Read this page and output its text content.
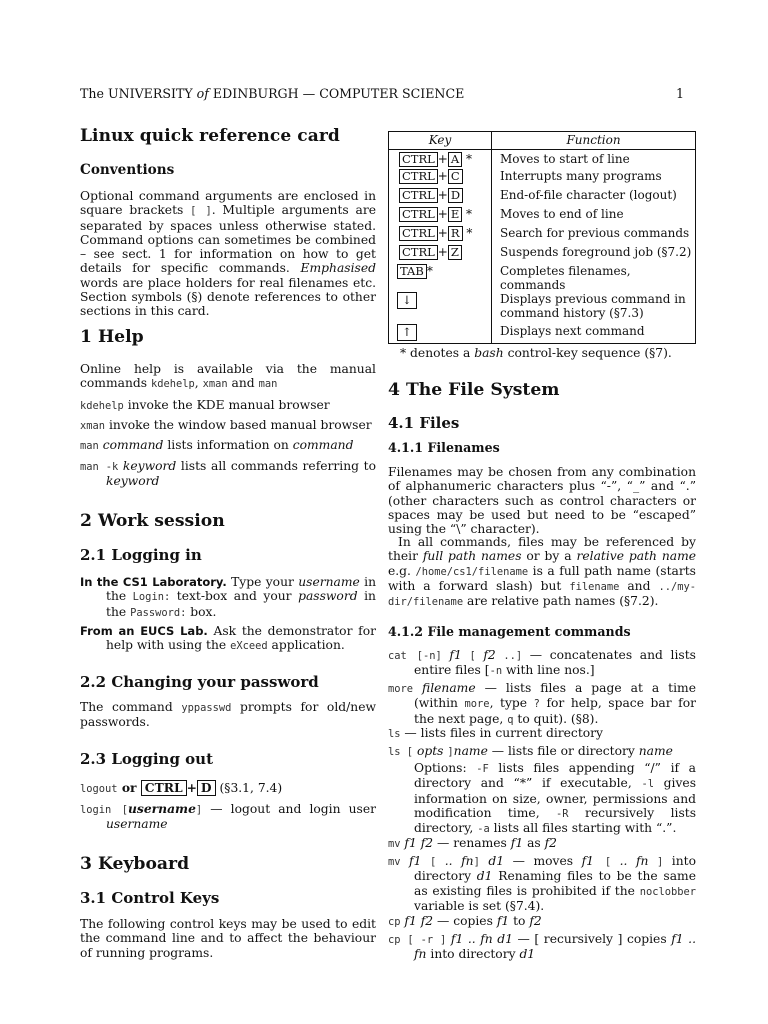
The UNIVERSITY of EDINBURGH — COMPUTER SCIENCE	1
Linux quick reference card
Conventions

Optional command arguments are enclosed in square brackets [ ]. Multiple arguments are separated by spaces unless otherwise stated. Command options can sometimes be combined – see sect. 1 for information on how to get details for specific commands. Emphasised words are place holders for real filenames etc. Section symbols (§) denote references to other sections in this card.

1 Help

Online help is available via the manual commands kdehelp, xman and man

kdehelp invoke the KDE manual browser

xman invoke the window based manual browser

man command lists information on command

man -k keyword lists all commands referring to keyword

2 Work session
2.1 Logging in

In the CS1 Laboratory. Type your username in the Login: text-box and your password in the Password: box.

From an EUCS Lab. Ask the demonstrator for help with using the eXceed application.

2.2 Changing your password

The command yppasswd prompts for old/new passwords.

2.3 Logging out

logout or CTRL + D (§3.1, 7.4)

login [username] — logout and login user username

3 Keyboard
3.1 Control Keys

The following control keys may be used to edit the command line and to affect the behaviour of running programs.

Key	Function
CTRL + A *	Moves to start of line
CTRL + C	Interrupts many programs
CTRL + D	End-of-file character (logout)
CTRL + E *	Moves to end of line
CTRL + R *	Search for previous commands
CTRL + Z	Suspends foreground job (§7.2)
TAB *	Completes filenames, commands
↓	Displays previous command in command history (§7.3)
↑	Displays next command

* denotes a bash control-key sequence (§7).

4 The File System
4.1 Files
4.1.1 Filenames

Filenames may be chosen from any combination of alphanumeric characters plus “-”, “_” and “.” (other characters such as control characters or spaces may be used but need to be “escaped” using the “\” character).

In all commands, files may be referenced by their full path names or by a relative path name e.g. /home/cs1/filename is a full path name (starts with a forward slash) but filename and ../my-dir/filename are relative path names (§7.2).

4.1.2 File management commands

cat [-n] f1 [ f2 ..] — concatenates and lists entire files [-n with line nos.]

more filename — lists files a page at a time (within more, type ? for help, space bar for the next page, q to quit). (§8).

ls — lists files in current directory

ls [ opts ]name — lists file or directory name

Options: -F lists files appending “/” if a directory and “*” if executable, -l gives information on size, owner, permissions and modification time, -R recursively lists directory, -a lists all files starting with “.”.

mv f1 f2 — renames f1 as f2

mv f1 [ .. fn] d1 — moves f1 [ .. fn ] into directory d1 Renaming files to be the same as existing files is prohibited if the noclobber variable is set (§7.4).

cp f1 f2 — copies f1 to f2

cp [ -r ] f1 .. fn d1 — [ recursively ] copies f1 .. fn into directory d1
